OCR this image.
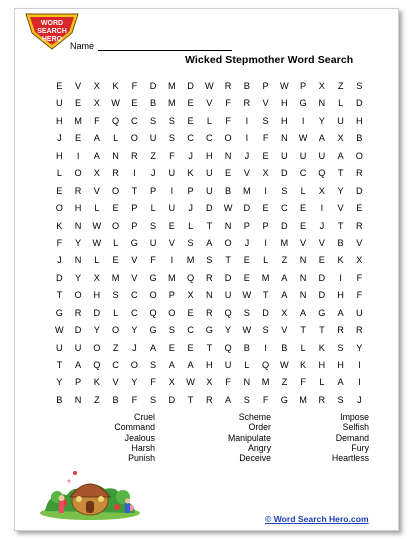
WORD
SEARCH
HERO
Name
Wicked Stepmother Word Search
E	V	X	K	F	D	M	D	W	R	B	P	W	P	X	Z	S
U	E	X	W	E	B	M	E	V	F	R	V	H	G	N	L	D
H	M	F	Q	C	S	S	E	L	F	I	S	H	I	Y	U	H
J	E	A	L	O	U	S	C	C	O	I	F	N	W	A	X	B
H	I	A	N	R	Z	F	J	H	N	J	E	U	U	U	A	O
L	O	X	R	I	J	U	K	U	E	V	X	D	C	Q	T	R
E	R	V	O	T	P	I	P	U	B	M	I	S	L	X	Y	D
O	H	L	E	P	L	U	J	D	W	D	E	C	E	I	V	E
K	N	W	O	P	S	E	L	T	N	P	P	D	E	J	T	R
F	Y	W	L	G	U	V	S	A	O	J	I	M	V	V	B	V
J	N	L	E	V	F	I	M	S	T	E	L	Z	N	E	K	X
D	Y	X	M	V	G	M	Q	R	D	E	M	A	N	D	I	F
T	O	H	S	C	O	P	X	N	U	W	T	A	N	D	H	F
G	R	D	L	C	Q	O	E	R	Q	S	D	X	A	G	A	U
W	D	Y	O	Y	G	S	C	G	Y	W	S	V	T	T	R	R
U	U	O	Z	J	A	E	E	T	Q	B	I	B	L	K	S	Y
T	A	Q	C	O	S	A	A	H	U	L	Q	W	K	H	H	I
Y	P	K	V	Y	F	X	W	X	F	N	M	Z	F	L	A	I
B	N	Z	B	F	S	D	T	R	A	S	F	G	M	R	S	J
Cruel
Command
Jealous
Harsh
Punish
Scheme
Order
Manipulate
Angry
Deceive
Impose
Selfish
Demand
Fury
Heartless
© Word Search Hero.com
